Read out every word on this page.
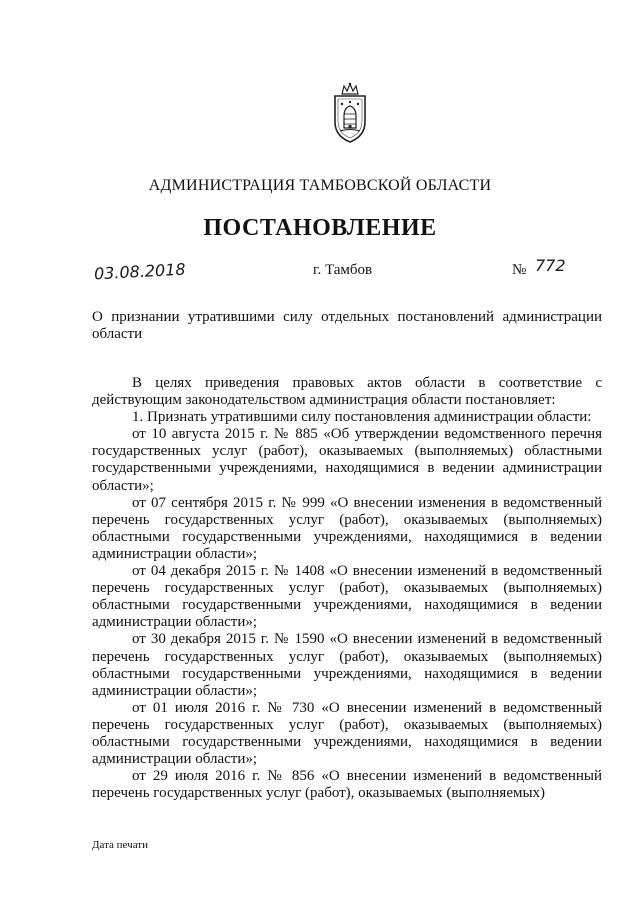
АДМИНИСТРАЦИЯ ТАМБОВСКОЙ ОБЛАСТИ
ПОСТАНОВЛЕНИЕ
03.08.2018	г. Тамбов	№ 772
О признании утратившими силу отдельных постановлений администрации области

В целях приведения правовых актов области в соответствие с действующим законодательством администрация области постановляет:

1. Признать утратившими силу постановления администрации области:

от 10 августа 2015 г. № 885 «Об утверждении ведомственного перечня государственных услуг (работ), оказываемых (выполняемых) областными государственными учреждениями, находящимися в ведении администрации области»;

от 07 сентября 2015 г. № 999 «О внесении изменения в ведомственный перечень государственных услуг (работ), оказываемых (выполняемых) областными государственными учреждениями, находящимися в ведении администрации области»;

от 04 декабря 2015 г. № 1408 «О внесении изменений в ведомственный перечень государственных услуг (работ), оказываемых (выполняемых) областными государственными учреждениями, находящимися в ведении администрации области»;

от 30 декабря 2015 г. № 1590 «О внесении изменений в ведомственный перечень государственных услуг (работ), оказываемых (выполняемых) областными государственными учреждениями, находящимися в ведении администрации области»;

от 01 июля 2016 г. № 730 «О внесении изменений в ведомственный перечень государственных услуг (работ), оказываемых (выполняемых) областными государственными учреждениями, находящимися в ведении администрации области»;

от 29 июля 2016 г. № 856 «О внесении изменений в ведомственный перечень государственных услуг (работ), оказываемых (выполняемых)

Дата печати
